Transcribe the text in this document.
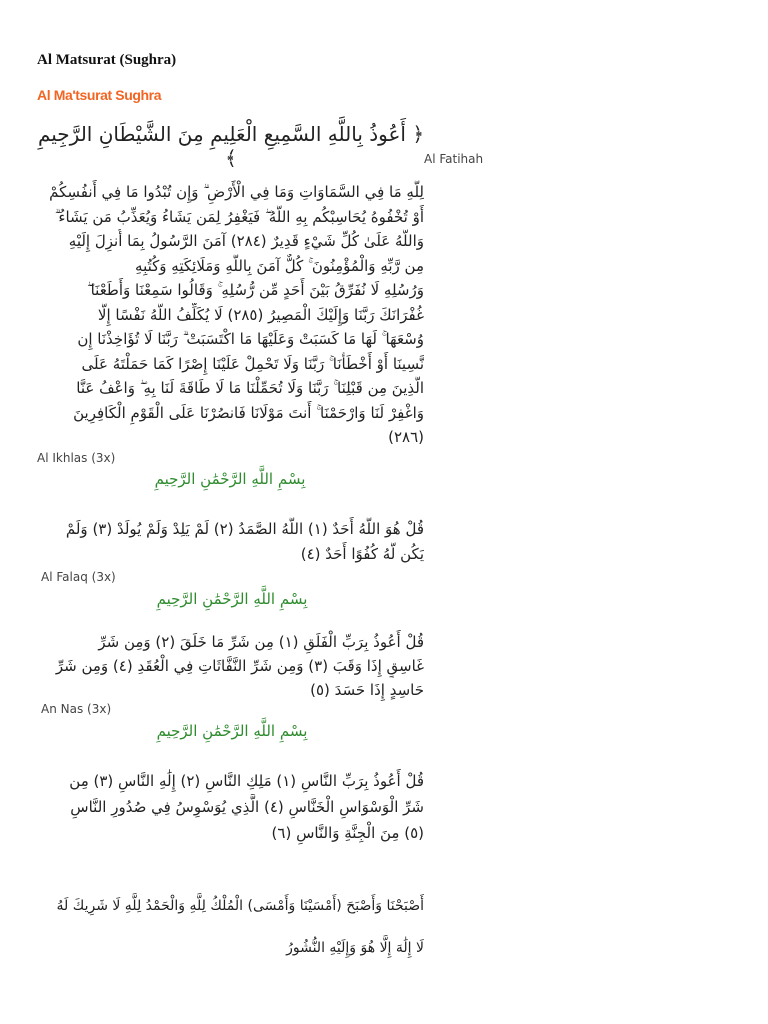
Al Matsurat (Sughra)
Al Ma'tsurat Sughra

﴿ أَعُوذُ بِاللَّهِ السَّمِيعِ الْعَلِيمِ مِنَ الشَّيْطَانِ الرَّجِيمِ ﴾	Al Fatihah
لِلَّهِ مَا فِي السَّمَاوَاتِ وَمَا فِي الْأَرْضِ ۗ وَإِن تُبْدُوا مَا فِي أَنفُسِكُمْ
أَوْ تُخْفُوهُ يُحَاسِبْكُم بِهِ اللَّهُ ۖ فَيَغْفِرُ لِمَن يَشَاءُ وَيُعَذِّبُ مَن يَشَاءُ ۗ
وَاللَّهُ عَلَىٰ كُلِّ شَيْءٍ قَدِيرٌ (٢٨٤) آمَنَ الرَّسُولُ بِمَا أُنزِلَ إِلَيْهِ
مِن رَّبِّهِ وَالْمُؤْمِنُونَ ۚ كُلٌّ آمَنَ بِاللَّهِ وَمَلَائِكَتِهِ وَكُتُبِهِ
وَرُسُلِهِ لَا نُفَرِّقُ بَيْنَ أَحَدٍ مِّن رُّسُلِهِ ۚ وَقَالُوا سَمِعْنَا وَأَطَعْنَا ۖ
غُفْرَانَكَ رَبَّنَا وَإِلَيْكَ الْمَصِيرُ (٢٨٥) لَا يُكَلِّفُ اللَّهُ نَفْسًا إِلَّا
وُسْعَهَا ۚ لَهَا مَا كَسَبَتْ وَعَلَيْهَا مَا اكْتَسَبَتْ ۗ رَبَّنَا لَا تُؤَاخِذْنَا إِن
نَّسِينَا أَوْ أَخْطَأْنَا ۚ رَبَّنَا وَلَا تَحْمِلْ عَلَيْنَا إِصْرًا كَمَا حَمَلْتَهُ عَلَى
الَّذِينَ مِن قَبْلِنَا ۚ رَبَّنَا وَلَا تُحَمِّلْنَا مَا لَا طَاقَةَ لَنَا بِهِ ۖ وَاعْفُ عَنَّا
وَاغْفِرْ لَنَا وَارْحَمْنَا ۚ أَنتَ مَوْلَانَا فَانصُرْنَا عَلَى الْقَوْمِ الْكَافِرِينَ
(٢٨٦)
Al Ikhlas (3x)

بِسْمِ اللَّهِ الرَّحْمَٰنِ الرَّحِيمِ

قُلْ هُوَ اللَّهُ أَحَدٌ (١) اللَّهُ الصَّمَدُ (٢) لَمْ يَلِدْ وَلَمْ يُولَدْ (٣) وَلَمْ
يَكُن لَّهُ كُفُوًا أَحَدٌ (٤)
Al Falaq (3x)

بِسْمِ اللَّهِ الرَّحْمَٰنِ الرَّحِيمِ

قُلْ أَعُوذُ بِرَبِّ الْفَلَقِ (١) مِن شَرِّ مَا خَلَقَ (٢) وَمِن شَرِّ
غَاسِقٍ إِذَا وَقَبَ (٣) وَمِن شَرِّ النَّفَّاثَاتِ فِي الْعُقَدِ (٤) وَمِن شَرِّ
حَاسِدٍ إِذَا حَسَدَ (٥)
An Nas (3x)

بِسْمِ اللَّهِ الرَّحْمَٰنِ الرَّحِيمِ

قُلْ أَعُوذُ بِرَبِّ النَّاسِ (١) مَلِكِ النَّاسِ (٢) إِلَٰهِ النَّاسِ (٣) مِن
شَرِّ الْوَسْوَاسِ الْخَنَّاسِ (٤) الَّذِي يُوَسْوِسُ فِي صُدُورِ النَّاسِ
(٥) مِنَ الْجِنَّةِ وَالنَّاسِ (٦)
أَصْبَحْنَا وَأَصْبَحَ (أَمْسَيْنَا وَأَمْسَى) الْمُلْكُ لِلَّهِ وَالْحَمْدُ لِلَّهِ لَا شَرِيكَ لَهُ
لَا إِلَٰهَ إِلَّا هُوَ وَإِلَيْهِ النُّشُورُ
